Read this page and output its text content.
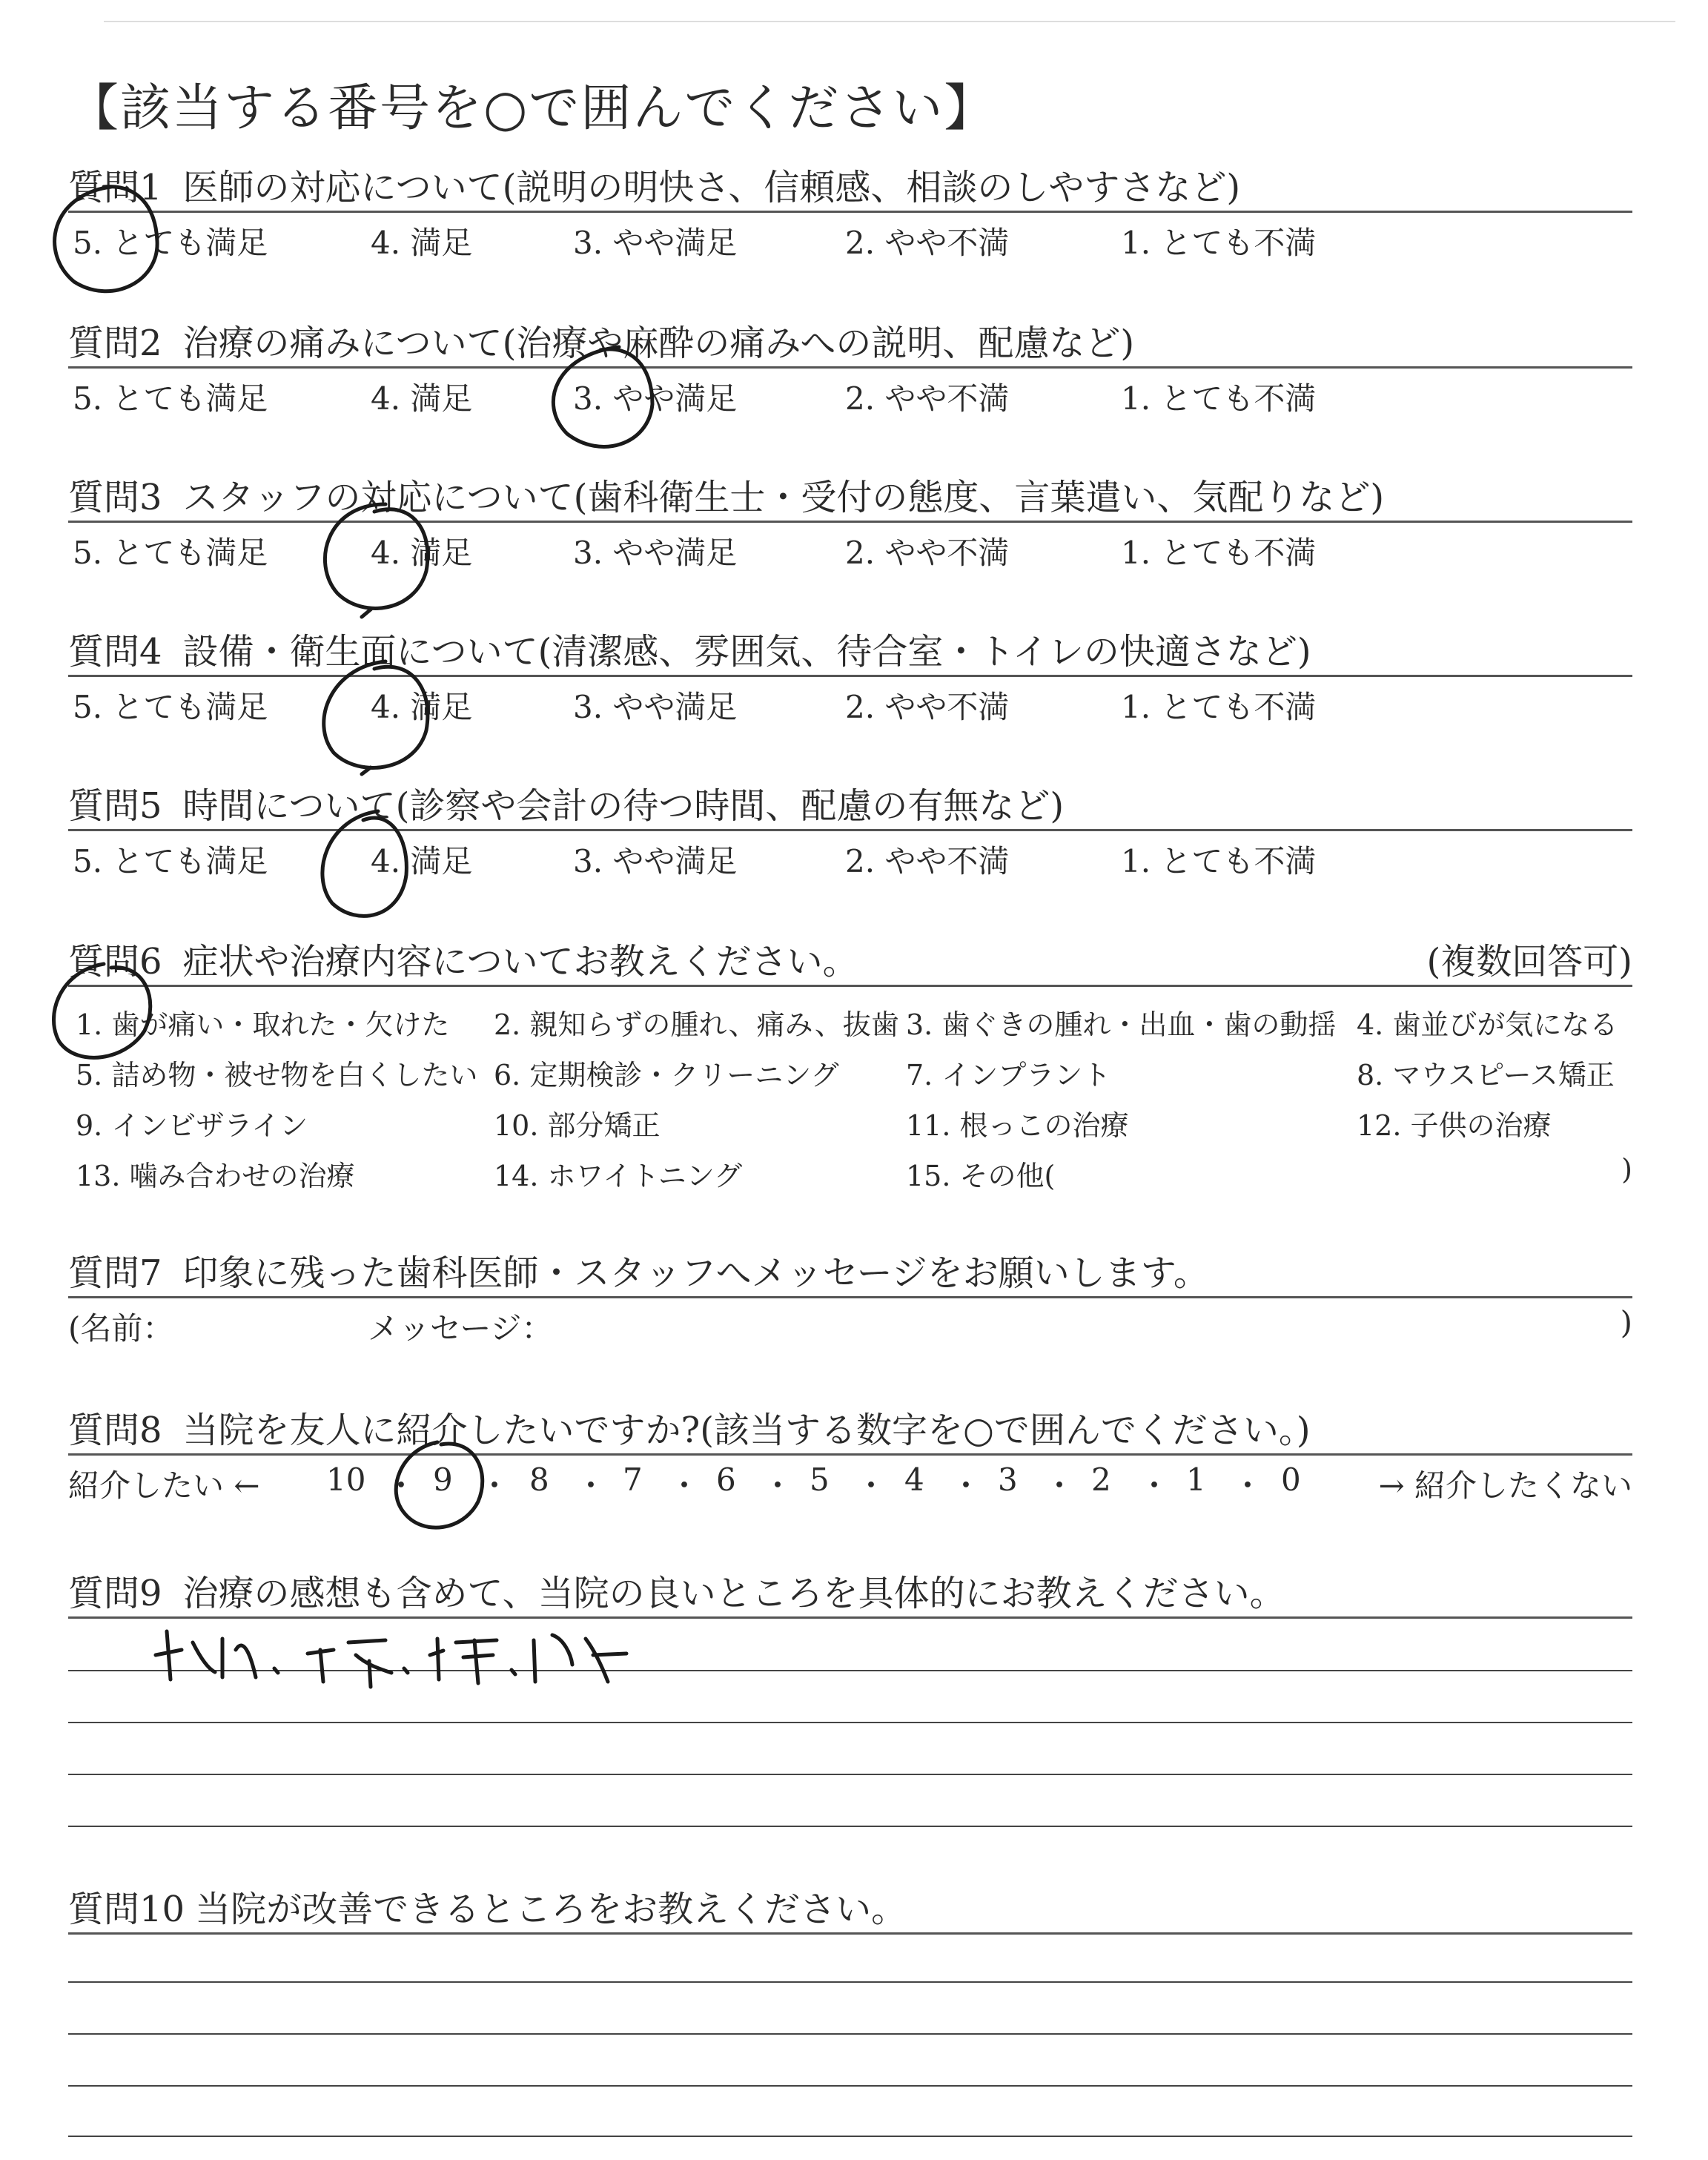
【該当する番号を○で囲んでください】
質問1 医師の対応について(説明の明快さ、信頼感、相談のしやすさなど)
5. とても満足	4. 満足	3. やや満足	2. やや不満	1. とても不満
質問2 治療の痛みについて(治療や麻酔の痛みへの説明、配慮など)
5. とても満足	4. 満足	3. やや満足	2. やや不満	1. とても不満
質問3 スタッフの対応について(歯科衛生士・受付の態度、言葉遣い、気配りなど)
5. とても満足	4. 満足	3. やや満足	2. やや不満	1. とても不満
質問4 設備・衛生面について(清潔感、雰囲気、待合室・トイレの快適さなど)
5. とても満足	4. 満足	3. やや満足	2. やや不満	1. とても不満
質問5 時間について(診察や会計の待つ時間、配慮の有無など)
5. とても満足	4. 満足	3. やや満足	2. やや不満	1. とても不満
質問6 症状や治療内容についてお教えください。	(複数回答可)
1. 歯が痛い・取れた・欠けた 2. 親知らずの腫れ、痛み、抜歯 3. 歯ぐきの腫れ・出血・歯の動揺 4. 歯並びが気になる
5. 詰め物・被せ物を白くしたい 6. 定期検診・クリーニング 7. インプラント	8. マウスピース矯正
9. インビザライン	10. 部分矯正	11. 根っこの治療	12. 子供の治療
13. 噛み合わせの治療	14. ホワイトニング	15. その他(	)
質問7 印象に残った歯科医師・スタッフへメッセージをお願いします。
(名前：	メッセージ：	)
質問8 当院を友人に紹介したいですか?(該当する数字を○で囲んでください。)
紹介したい ← 10 ・ 9 ・ 8 ・ 7 ・ 6 ・ 5 ・ 4 ・ 3 ・ 2 ・ 1 ・ 0 → 紹介したくない
質問9 治療の感想も含めて、当院の良いところを具体的にお教えください。
質問10 当院が改善できるところをお教えください。
